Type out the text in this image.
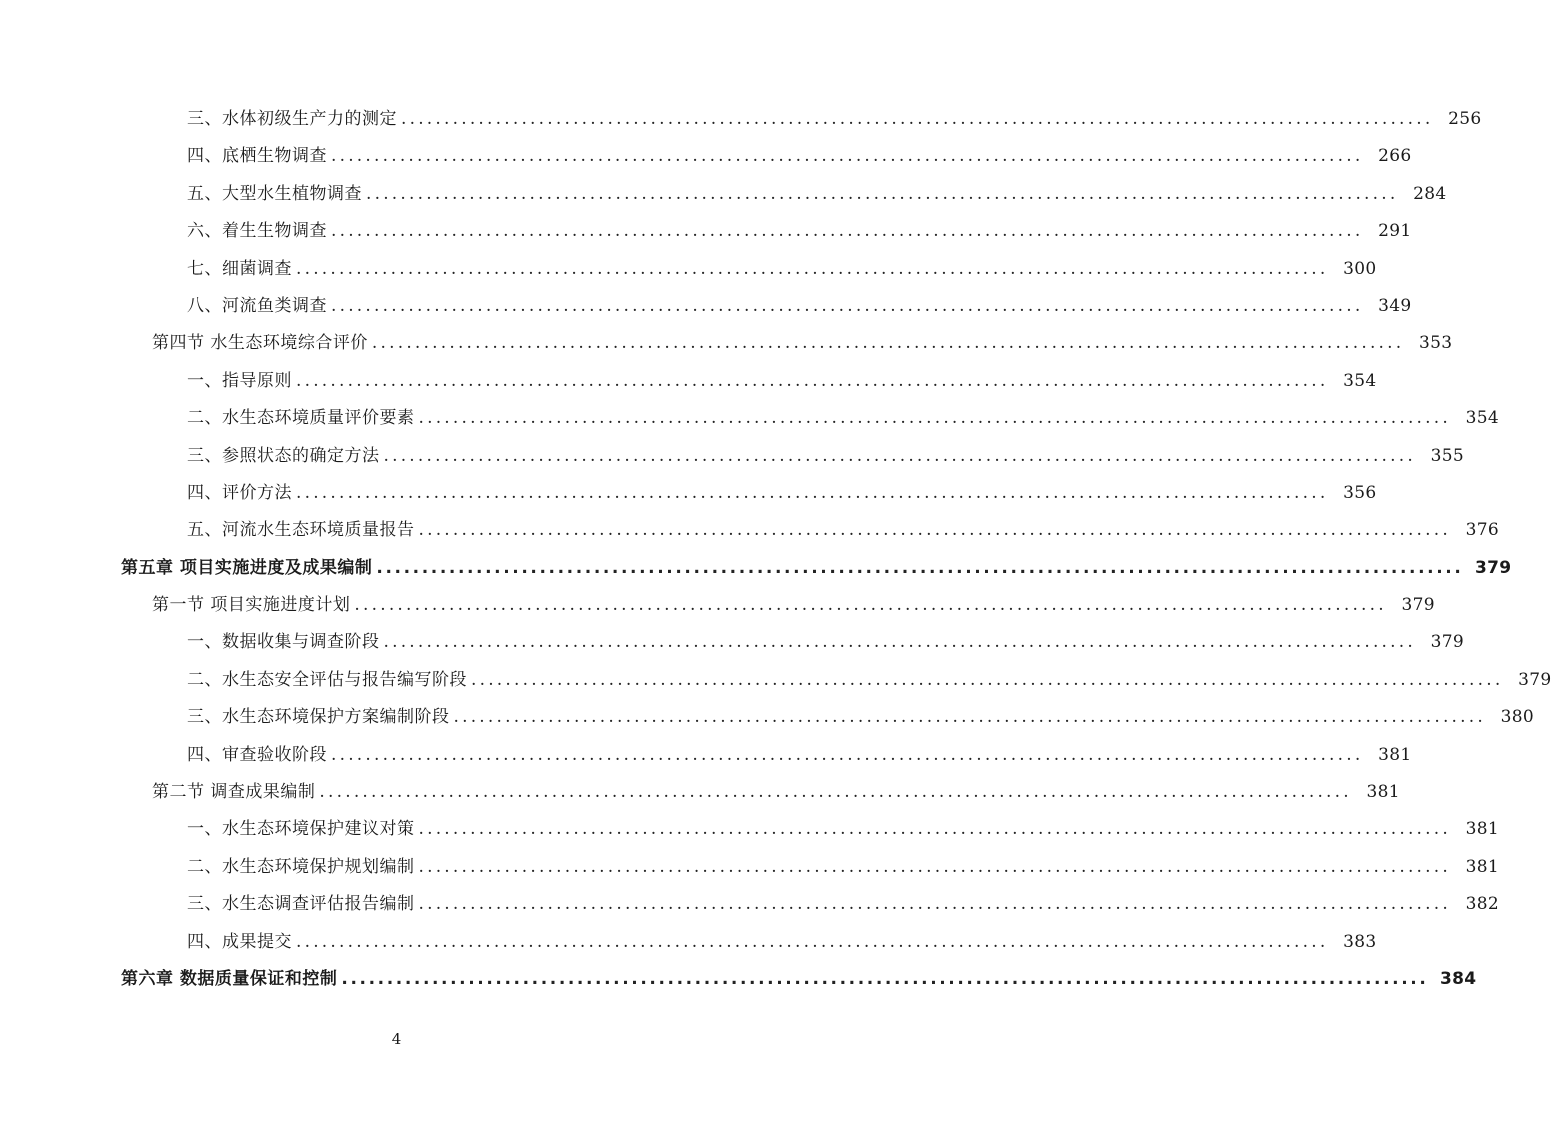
三、水体初级生产力的测定 ........................................................................................................................ 256
四、底栖生物调查 ........................................................................................................................ 266
五、大型水生植物调查 ........................................................................................................................ 284
六、着生生物调查 ........................................................................................................................ 291
七、细菌调查 ........................................................................................................................ 300
八、河流鱼类调查 ........................................................................................................................ 349
第四节 水生态环境综合评价 ........................................................................................................................ 353
一、指导原则 ........................................................................................................................ 354
二、水生态环境质量评价要素 ........................................................................................................................ 354
三、参照状态的确定方法 ........................................................................................................................ 355
四、评价方法 ........................................................................................................................ 356
五、河流水生态环境质量报告 ........................................................................................................................ 376
第五章 项目实施进度及成果编制 ........................................................................................................................ 379
第一节 项目实施进度计划 ........................................................................................................................ 379
一、数据收集与调查阶段 ........................................................................................................................ 379
二、水生态安全评估与报告编写阶段 ........................................................................................................................ 379
三、水生态环境保护方案编制阶段 ........................................................................................................................ 380
四、审查验收阶段 ........................................................................................................................ 381
第二节 调查成果编制 ........................................................................................................................ 381
一、水生态环境保护建议对策 ........................................................................................................................ 381
二、水生态环境保护规划编制 ........................................................................................................................ 381
三、水生态调查评估报告编制 ........................................................................................................................ 382
四、成果提交 ........................................................................................................................ 383
第六章 数据质量保证和控制 ........................................................................................................................ 384
4
